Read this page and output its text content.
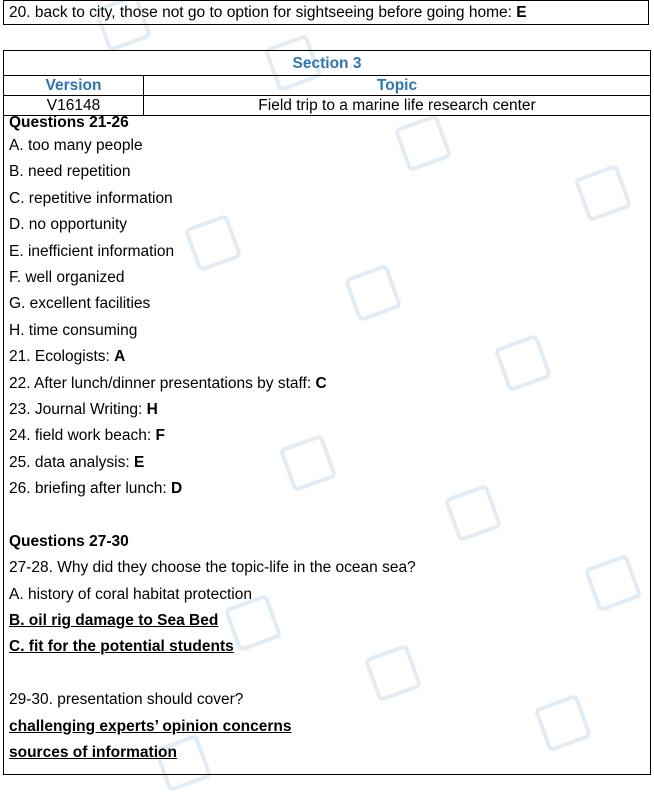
20. back to city, those not go to option for sightseeing before going home: E
Section 3	
Version	Topic
V16148	Field trip to a marine life research center
Questions 21-26
A. too many people
B. need repetition
C. repetitive information
D. no opportunity
E. inefficient information
F. well organized
G. excellent facilities
H. time consuming
21. Ecologists: A
22. After lunch/dinner presentations by staff: C
23. Journal Writing: H
24. field work beach: F
25. data analysis: E
26. briefing after lunch: D
Questions 27-30
27-28. Why did they choose the topic-life in the ocean sea?
A. history of coral habitat protection
B. oil rig damage to Sea Bed
C. fit for the potential students
29-30. presentation should cover?
challenging experts’ opinion concerns
sources of information
